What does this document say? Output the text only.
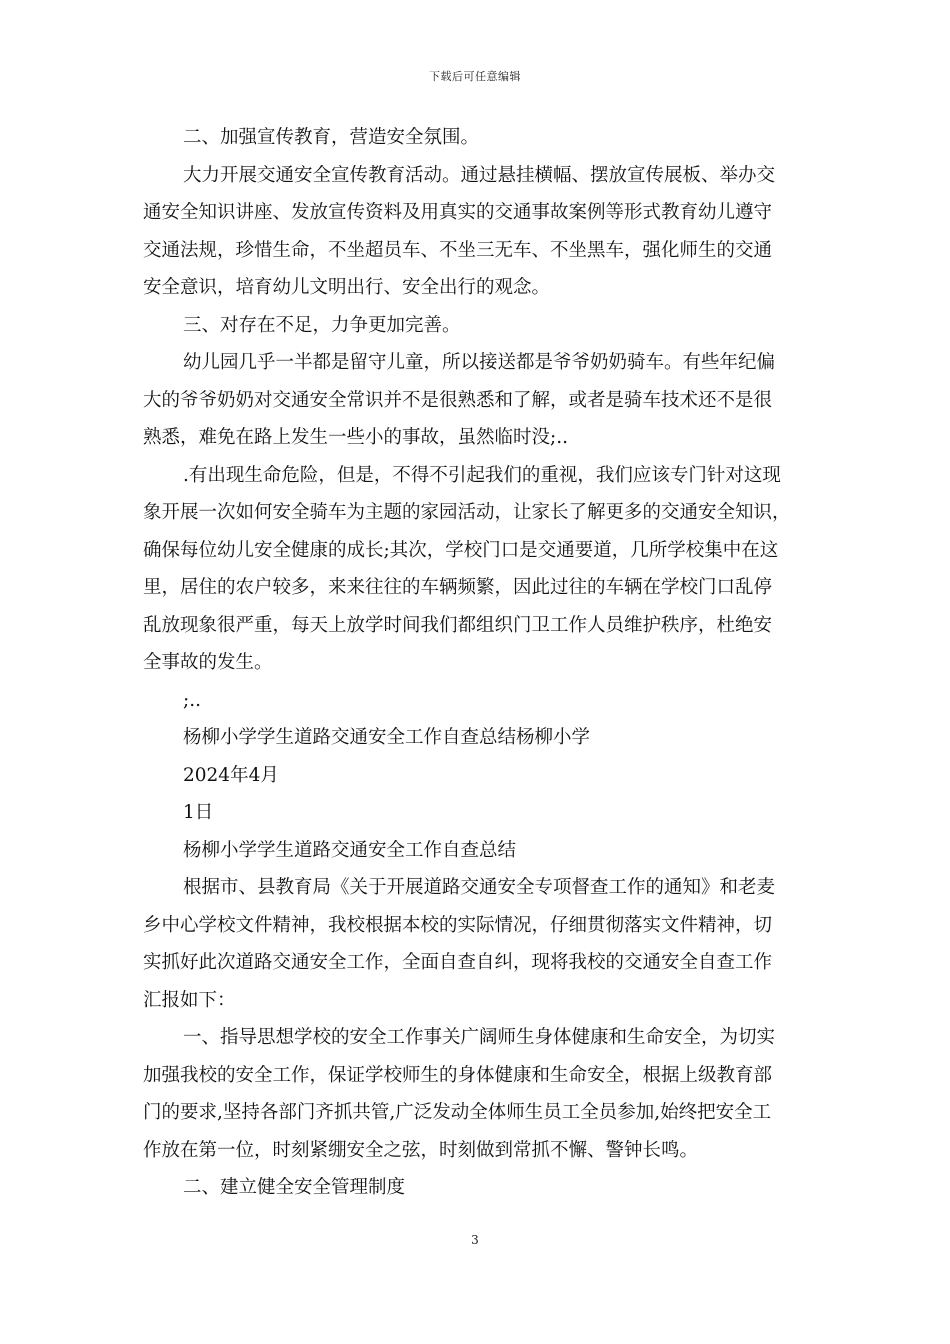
下载后可任意编辑

二、加强宣传教育，营造安全氛围。

大力开展交通安全宣传教育活动。通过悬挂横幅、摆放宣传展板、举办交

通安全知识讲座、发放宣传资料及用真实的交通事故案例等形式教育幼儿遵守

交通法规，珍惜生命，不坐超员车、不坐三无车、不坐黑车，强化师生的交通

安全意识，培育幼儿文明出行、安全出行的观念。

三、对存在不足，力争更加完善。

幼儿园几乎一半都是留守儿童，所以接送都是爷爷奶奶骑车。有些年纪偏

大的爷爷奶奶对交通安全常识并不是很熟悉和了解，或者是骑车技术还不是很

熟悉，难免在路上发生一些小的事故，虽然临时没;..

.有出现生命危险，但是，不得不引起我们的重视，我们应该专门针对这现

象开展一次如何安全骑车为主题的家园活动，让家长了解更多的交通安全知识，

确保每位幼儿安全健康的成长;其次，学校门口是交通要道，几所学校集中在这

里，居住的农户较多，来来往往的车辆频繁，因此过往的车辆在学校门口乱停

乱放现象很严重，每天上放学时间我们都组织门卫工作人员维护秩序，杜绝安

全事故的发生。

;..

杨柳小学学生道路交通安全工作自查总结杨柳小学

2024年4月

1日

杨柳小学学生道路交通安全工作自查总结

根据市、县教育局《关于开展道路交通安全专项督查工作的通知》和老麦

乡中心学校文件精神，我校根据本校的实际情况，仔细贯彻落实文件精神，切

实抓好此次道路交通安全工作，全面自查自纠，现将我校的交通安全自查工作

汇报如下：

一、指导思想学校的安全工作事关广阔师生身体健康和生命安全，为切实

加强我校的安全工作，保证学校师生的身体健康和生命安全，根据上级教育部

门的要求,坚持各部门齐抓共管,广泛发动全体师生员工全员参加,始终把安全工

作放在第一位，时刻紧绷安全之弦，时刻做到常抓不懈、警钟长鸣。

二、建立健全安全管理制度

3
